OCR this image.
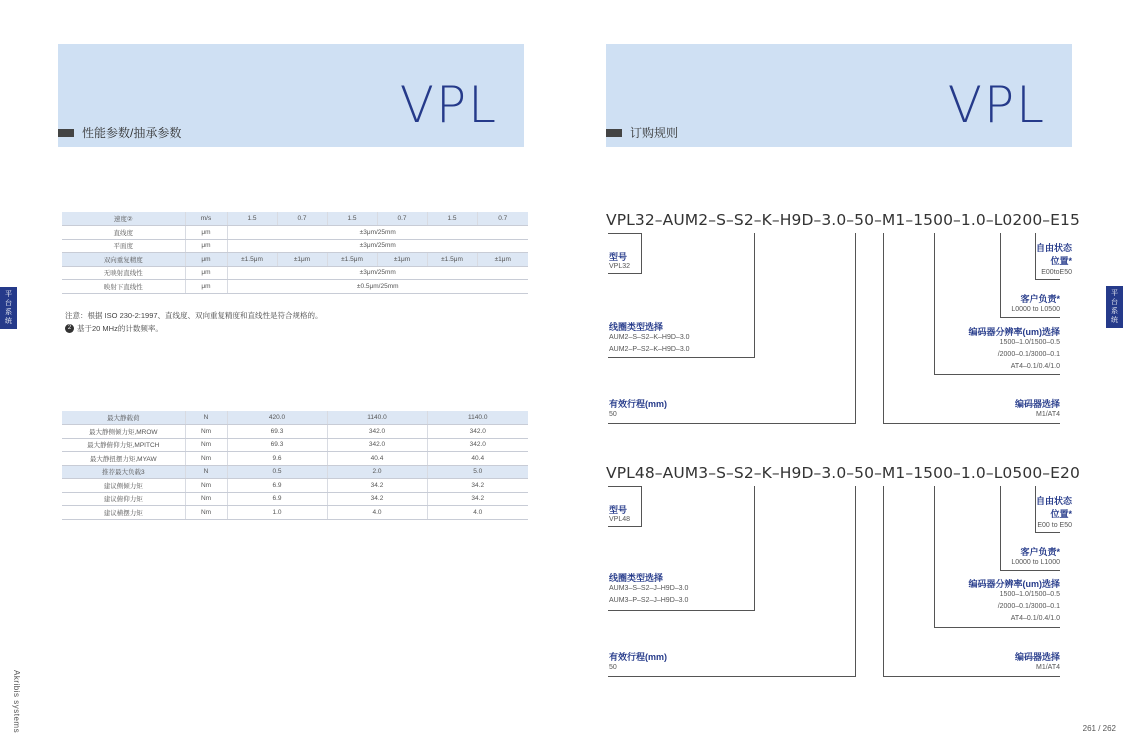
VPL
性能参数/抽承参数
速度②	m/s	1.5	0.7	1.5	0.7	1.5	0.7
直线度	μm	±3μm/25mm					
平面度	μm	±3μm/25mm					
双向重复精度	μm	±1.5μm	±1μm	±1.5μm	±1μm	±1.5μm	±1μm
无映射直线性	μm	±3μm/25mm					
映射下直线性	μm	±0.5μm/25mm					
注意：根据 ISO 230-2:1997、直线度、双向重复精度和直线性是符合规格的。
2 基于20 MHz的计数频率。
最大静载荷	N	420.0	1140.0	1140.0
最大静侧倾力矩,MROW	Nm	69.3	342.0	342.0
最大静俯仰力矩,MPITCH	Nm	69.3	342.0	342.0
最大静扭摆力矩,MYAW	Nm	9.6	40.4	40.4
推荐最大负载3	N	0.5	2.0	5.0
建议侧倾力矩	Nm	6.9	34.2	34.2
建议俯仰力矩	Nm	6.9	34.2	34.2
建议横摆力矩	Nm	1.0	4.0	4.0
平
台
系
统
Akribis systems
VPL
订购规则
平
台
系
统
VPL32–AUM2–S–S2–K–H9D–3.0–50–M1–1500–1.0–L0200–E15
型号
VPL32
线圈类型选择
AUM2–S–S2–K–H9D–3.0
AUM2–P–S2–K–H9D–3.0
有效行程(mm)
50
编码器选择
M1/AT4
编码器分辨率(um)选择
1500–1.0/1500–0.5
/2000–0.1/3000–0.1
AT4–0.1/0.4/1.0
客户负责*
L0000 to L0500
自由状态
位置*
E00toE50
VPL48–AUM3–S–S2–K–H9D–3.0–50–M1–1500–1.0–L0500–E20
型号
VPL48
线圈类型选择
AUM3–S–S2–J–H9D–3.0
AUM3–P–S2–J–H9D–3.0
有效行程(mm)
50
编码器选择
M1/AT4
编码器分辨率(um)选择
1500–1.0/1500–0.5
/2000–0.1/3000–0.1
AT4–0.1/0.4/1.0
客户负责*
L0000 to L1000
自由状态
位置*
E00 to E50
261 / 262
